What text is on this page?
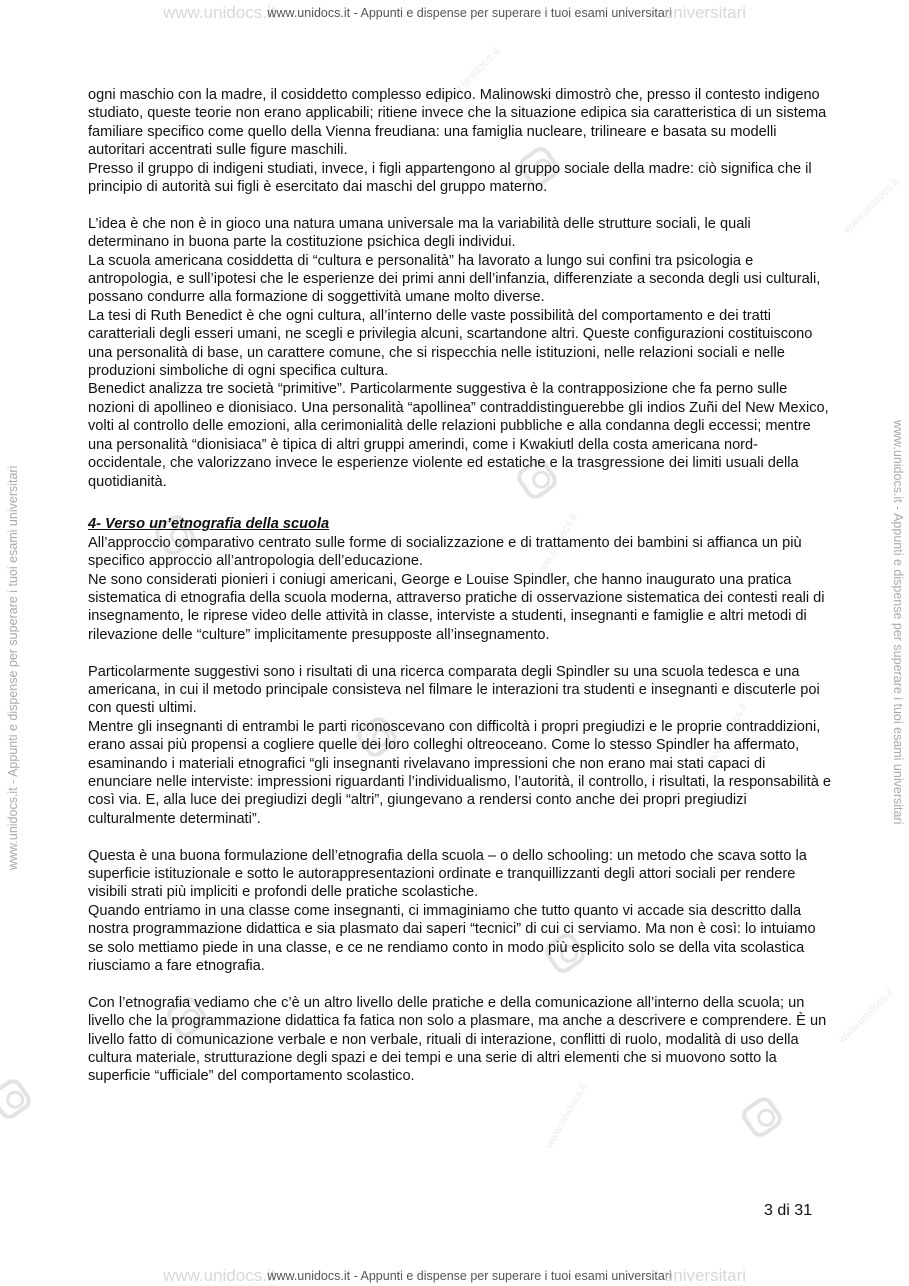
www.unidocs.it www.unidocs.it - Appunti e dispense per superare i tuoi esami universitari universitari
www.unidocs.it - Appunti e dispense per superare i tuoi esami universitari	www.unidocs.it - Appunti e dispense per superare i tuoi esami universitari
www.unidocs.it
www.unidocs.it
www.unidocs.it
www.unidocs.it
www.unidocs.it
www.unidocs.it

ogni maschio con la madre, il cosiddetto complesso edipico. Malinowski dimostrò che, presso il contesto indigeno studiato, queste teorie non erano applicabili; ritiene invece che la situazione edipica sia caratteristica di un sistema familiare specifico come quello della Vienna freudiana: una famiglia nucleare, trilineare e basata su modelli autoritari accentrati sulle figure maschili.

Presso il gruppo di indigeni studiati, invece, i figli appartengono al gruppo sociale della madre: ciò significa che il principio di autorità sui figli è esercitato dai maschi del gruppo materno.

L’idea è che non è in gioco una natura umana universale ma la variabilità delle strutture sociali, le quali determinano in buona parte la costituzione psichica degli individui.

La scuola americana cosiddetta di “cultura e personalità” ha lavorato a lungo sui confini tra psicologia e antropologia, e sull’ipotesi che le esperienze dei primi anni dell’infanzia, differenziate a seconda degli usi culturali, possano condurre alla formazione di soggettività umane molto diverse.

La tesi di Ruth Benedict è che ogni cultura, all’interno delle vaste possibilità del comportamento e dei tratti caratteriali degli esseri umani, ne scegli e privilegia alcuni, scartandone altri. Queste configurazioni costituiscono una personalità di base, un carattere comune, che si rispecchia nelle istituzioni, nelle relazioni sociali e nelle produzioni simboliche di ogni specifica cultura.

Benedict analizza tre società “primitive”. Particolarmente suggestiva è la contrapposizione che fa perno sulle nozioni di apollineo e dionisiaco. Una personalità “apollinea” contraddistinguerebbe gli indios Zuñi del New Mexico, volti al controllo delle emozioni, alla cerimonialità delle relazioni pubbliche e alla condanna degli eccessi; mentre una personalità “dionisiaca” è tipica di altri gruppi amerindi, come i Kwakiutl della costa americana nord- occidentale, che valorizzano invece le esperienze violente ed estatiche e la trasgressione dei limiti usuali della quotidianità.

4- Verso un’etnografia della scuola

All’approccio comparativo centrato sulle forme di socializzazione e di trattamento dei bambini si affianca un più specifico approccio all’antropologia dell’educazione.

Ne sono considerati pionieri i coniugi americani, George e Louise Spindler, che hanno inaugurato una pratica sistematica di etnografia della scuola moderna, attraverso pratiche di osservazione sistematica dei contesti reali di insegnamento, le riprese video delle attività in classe, interviste a studenti, insegnanti e famiglie e altri metodi di rilevazione delle “culture” implicitamente presupposte all’insegnamento.

Particolarmente suggestivi sono i risultati di una ricerca comparata degli Spindler su una scuola tedesca e una americana, in cui il metodo principale consisteva nel filmare le interazioni tra studenti e insegnanti e discuterle poi con questi ultimi.

Mentre gli insegnanti di entrambi le parti riconoscevano con difficoltà i propri pregiudizi e le proprie contraddizioni, erano assai più propensi a cogliere quelle dei loro colleghi oltreoceano. Come lo stesso Spindler ha affermato, esaminando i materiali etnografici “gli insegnanti rivelavano impressioni che non erano mai stati capaci di enunciare nelle interviste: impressioni riguardanti l’individualismo, l’autorità, il controllo, i risultati, la responsabilità e così via. E, alla luce dei pregiudizi degli “altri”, giungevano a rendersi conto anche dei propri pregiudizi culturalmente determinati”.

Questa è una buona formulazione dell’etnografia della scuola – o dello schooling: un metodo che scava sotto la superficie istituzionale e sotto le autorappresentazioni ordinate e tranquillizzanti degli attori sociali per rendere visibili strati più impliciti e profondi delle pratiche scolastiche.

Quando entriamo in una classe come insegnanti, ci immaginiamo che tutto quanto vi accade sia descritto dalla nostra programmazione didattica e sia plasmato dai saperi “tecnici” di cui ci serviamo. Ma non è così: lo intuiamo se solo mettiamo piede in una classe, e ce ne rendiamo conto in modo più esplicito solo se della vita scolastica riusciamo a fare etnografia.

Con l’etnografia vediamo che c’è un altro livello delle pratiche e della comunicazione all’interno della scuola; un livello che la programmazione didattica fa fatica non solo a plasmare, ma anche a descrivere e comprendere. È un livello fatto di comunicazione verbale e non verbale, rituali di interazione, conflitti di ruolo, modalità di uso della cultura materiale, strutturazione degli spazi e dei tempi e una serie di altri elementi che si muovono sotto la superficie “ufficiale” del comportamento scolastico.

3 di 31
www.unidocs.it www.unidocs.it - Appunti e dispense per superare i tuoi esami universitari universitari
